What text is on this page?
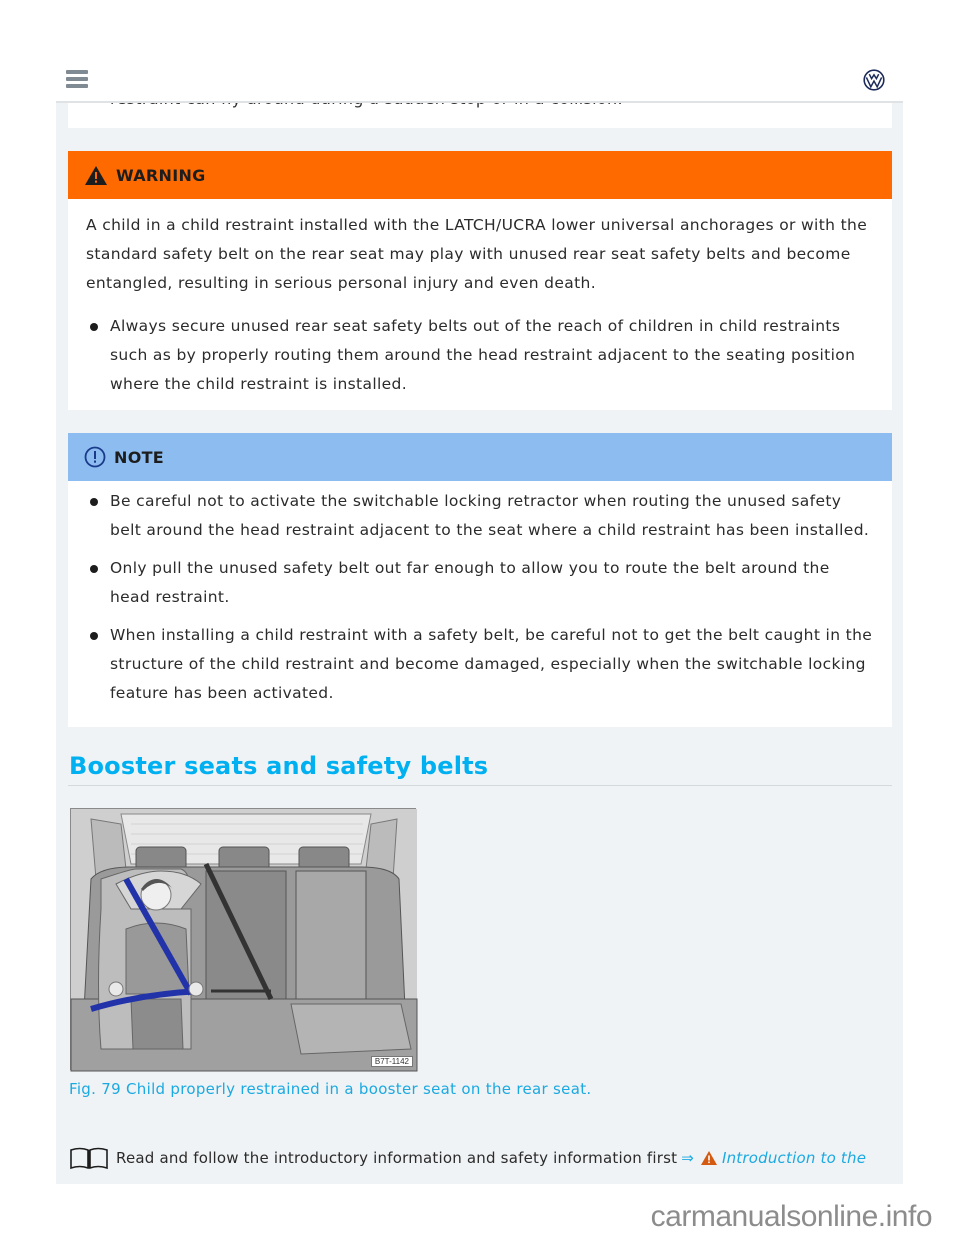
WARNING

A child in a child restraint installed with the LATCH/UCRA lower universal anchorages or with the standard safety belt on the rear seat may play with unused rear seat safety belts and become entangled, resulting in serious personal injury and even death.

Always secure unused rear seat safety belts out of the reach of children in child restraints such as by properly routing them around the head restraint adjacent to the seating position where the child restraint is installed.
NOTE
Be careful not to activate the switchable locking retractor when routing the unused safety belt around the head restraint adjacent to the seat where a child restraint has been installed.
Only pull the unused safety belt out far enough to allow you to route the belt around the head restraint.
When installing a child restraint with a safety belt, be careful not to get the belt caught in the structure of the child restraint and become damaged, especially when the switchable locking feature has been activated.
Booster seats and safety belts
B7T-1142

Fig. 79 Child properly restrained in a booster seat on the rear seat.

Read and follow the introductory information and safety information first ⇒ Introduction to the
carmanualsonline.info
